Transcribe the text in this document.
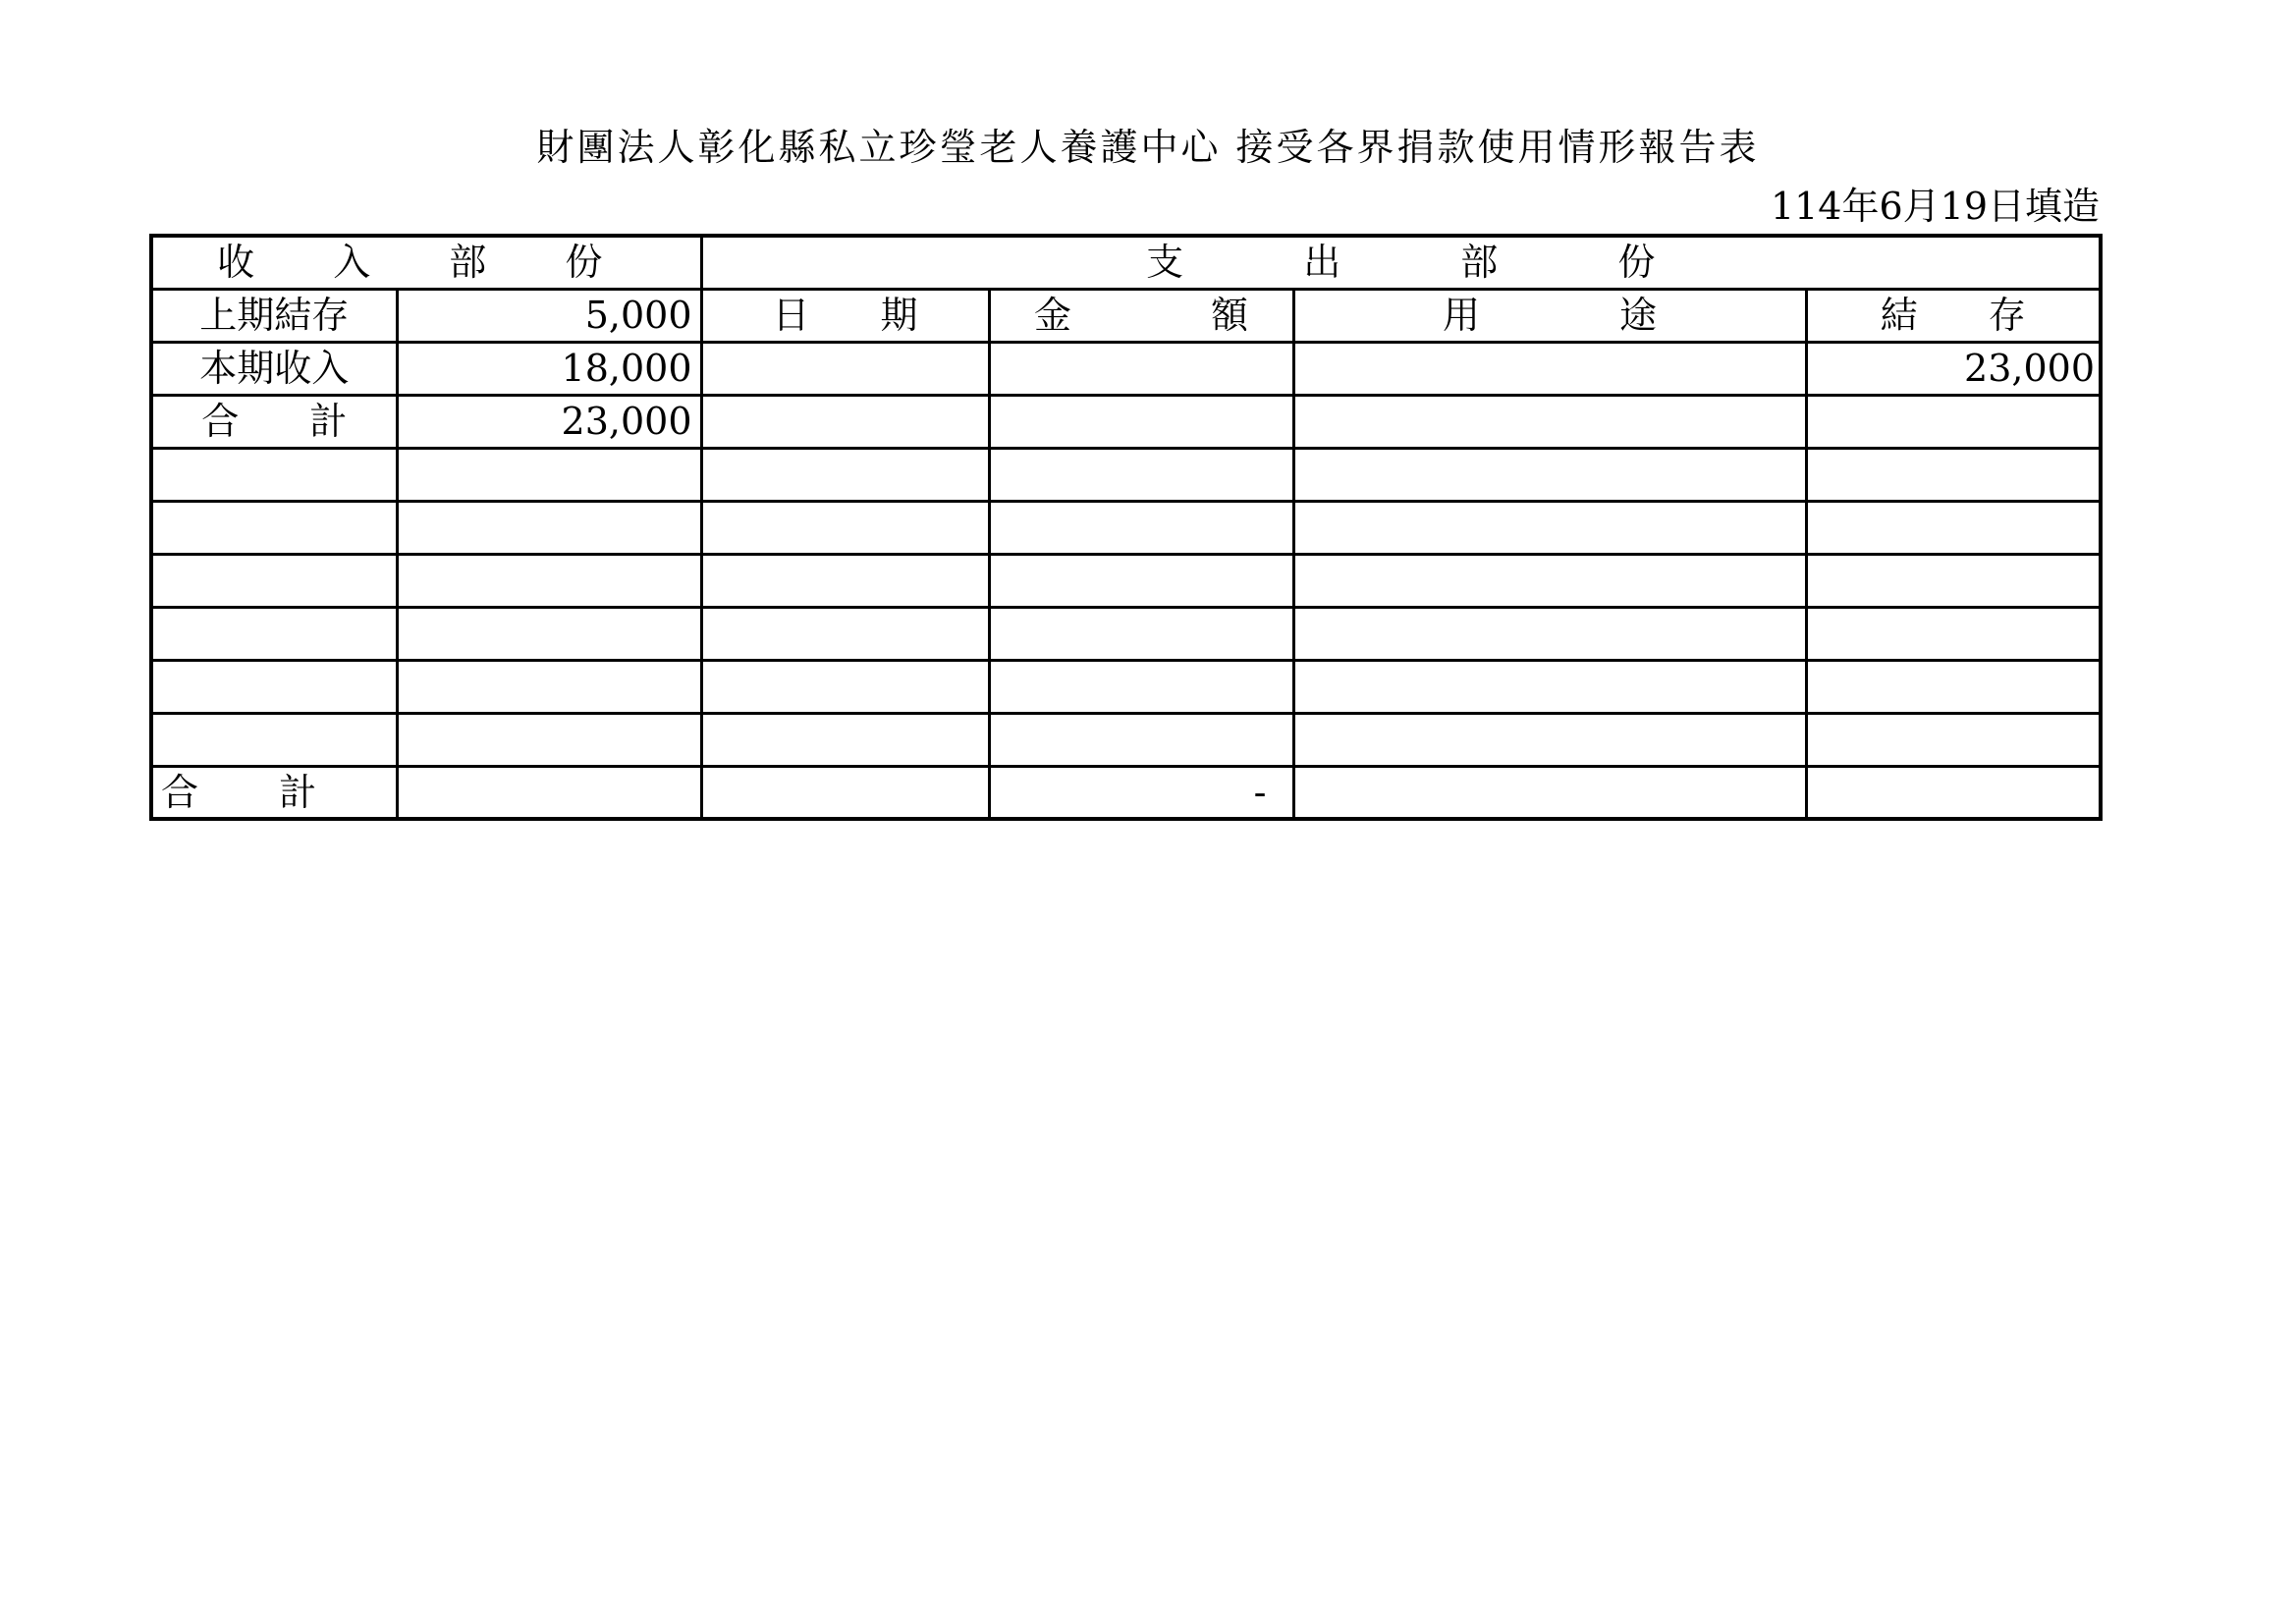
財團法人彰化縣私立珍瑩老人養護中心 接受各界捐款使用情形報告表
114年6月19日填造
收 入 部 份		支 出 部 份			
上期結存	5,000	日 期	金 額	用 途	結 存
本期收入	18,000				23,000
合 計	23,000				

合 計			-		
